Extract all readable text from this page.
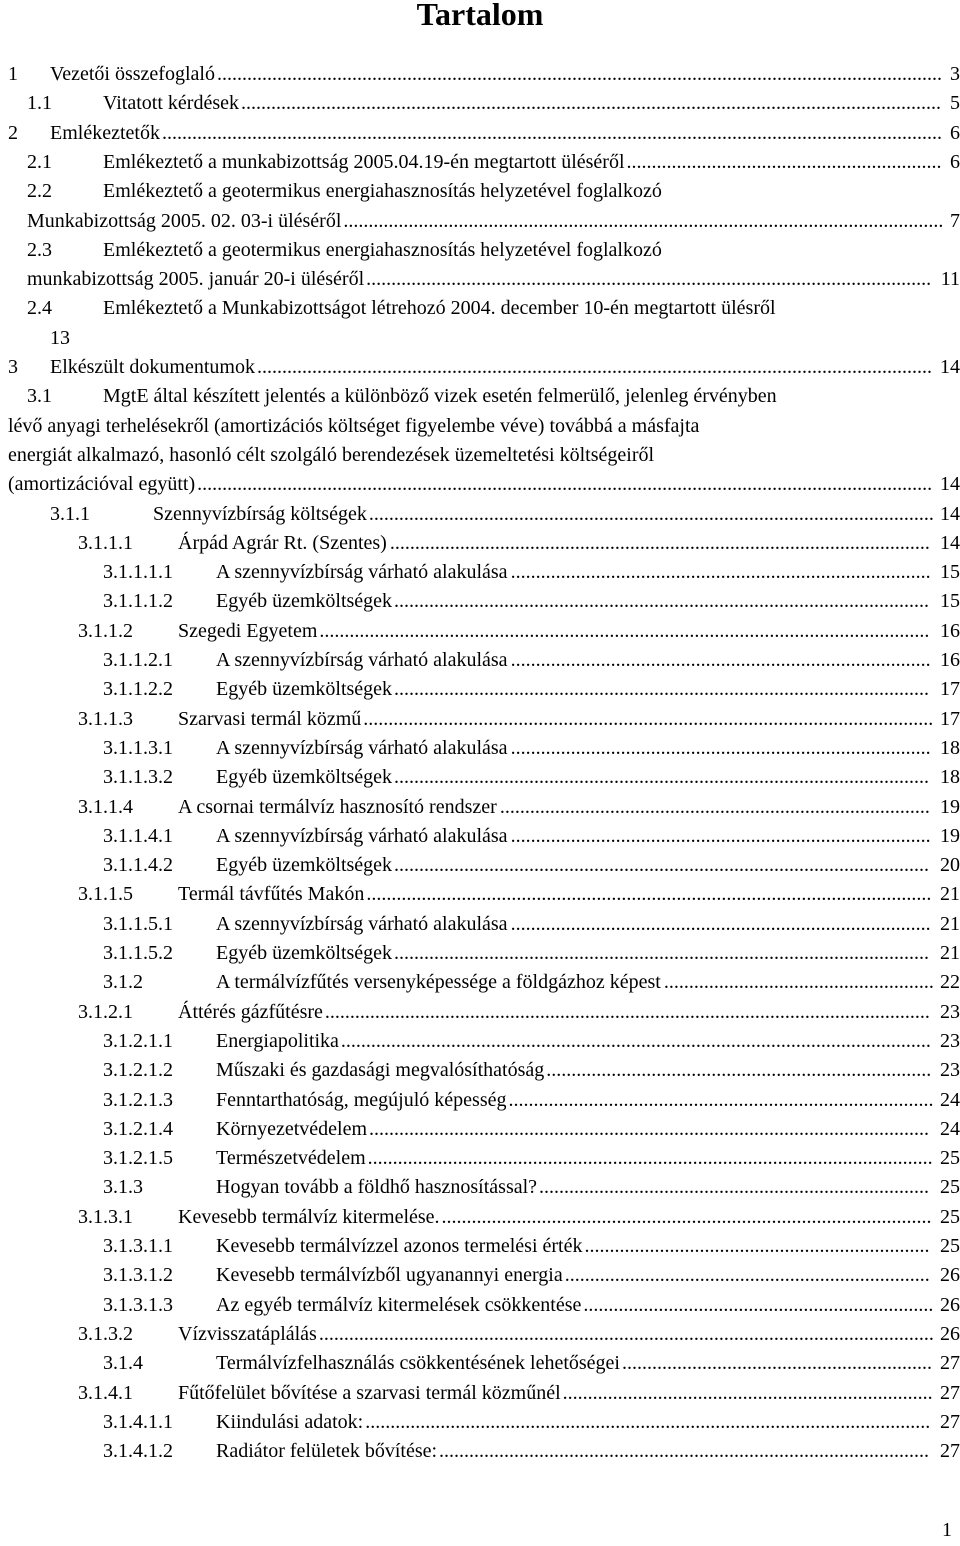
Tartalom
1 Vezetői összefoglaló ................................................................................................................................................. 3
1.1	Vitatott kérdések ............................................................................................................................................ 5
2 Emlékeztetők ............................................................................................................................................................ 6
2.1	Emlékeztető a munkabizottság 2005.04.19-én megtartott üléséről ............................................................... 6
2.2	Emlékeztető a geotermikus energiahasznosítás helyzetével foglalkozó
Munkabizottság 2005. 02. 03-i üléséről ........................................................................................................................ 7
2.3	Emlékeztető a geotermikus energiahasznosítás helyzetével foglalkozó
munkabizottság 2005. január 20-i üléséről ................................................................................................................. 11
2.4	Emlékeztető a Munkabizottságot létrehozó 2004. december 10-én megtartott ülésről
13
3 Elkészült dokumentumok ....................................................................................................................................... 14
3.1	MgtE által készített jelentés a különböző vizek esetén felmerülő, jelenleg érvényben
lévő anyagi terhelésekről (amortizációs költséget figyelembe véve) továbbá a másfajta
energiát alkalmazó, hasonló célt szolgáló berendezések üzemeltetési költségeiről
(amortizációval együtt) ................................................................................................................................................... 14
3.1.1	Szennyvízbírság költségek ................................................................................................................. 14
3.1.1.1 Árpád Agrár Rt. (Szentes) ............................................................................................................ 14
3.1.1.1.1 A szennyvízbírság várható alakulása .................................................................................... 15
3.1.1.1.2 Egyéb üzemköltségek ........................................................................................................... 15
3.1.1.2 Szegedi Egyetem .......................................................................................................................... 16
3.1.1.2.1 A szennyvízbírság várható alakulása .................................................................................... 16
3.1.1.2.2 Egyéb üzemköltségek ........................................................................................................... 17
3.1.1.3 Szarvasi termál közmű .................................................................................................................. 17
3.1.1.3.1 A szennyvízbírság várható alakulása .................................................................................... 18
3.1.1.3.2 Egyéb üzemköltségek ........................................................................................................... 18
3.1.1.4 A csornai termálvíz hasznosító rendszer ...................................................................................... 19
3.1.1.4.1 A szennyvízbírság várható alakulása .................................................................................... 19
3.1.1.4.2 Egyéb üzemköltségek ........................................................................................................... 20
3.1.1.5 Termál távfűtés Makón ................................................................................................................. 21
3.1.1.5.1 A szennyvízbírság várható alakulása .................................................................................... 21
3.1.1.5.2 Egyéb üzemköltségek ........................................................................................................... 21
3.1.2	A termálvízfűtés versenyképessége a földgázhoz képest ...................................................... 22
3.1.2.1 Áttérés gázfűtésre ......................................................................................................................... 23
3.1.2.1.1 Energiapolitika ...................................................................................................................... 23
3.1.2.1.2 Műszaki és gazdasági megvalósíthatóság ............................................................................. 23
3.1.2.1.3 Fenntarthatóság, megújuló képesség ..................................................................................... 24
3.1.2.1.4 Környezetvédelem ................................................................................................................ 24
3.1.2.1.5 Természetvédelem ................................................................................................................. 25
3.1.3	Hogyan tovább a földhő hasznosítással? .............................................................................. 25
3.1.3.1 Kevesebb termálvíz kitermelése. .................................................................................................. 25
3.1.3.1.1 Kevesebb termálvízzel azonos termelési érték ..................................................................... 25
3.1.3.1.2 Kevesebb termálvízből ugyanannyi energia ......................................................................... 26
3.1.3.1.3 Az egyéb termálvíz kitermelések csökkentése ...................................................................... 26
3.1.3.2 Vízvisszatáplálás ........................................................................................................................... 26
3.1.4	Termálvízfelhasználás csökkentésének lehetőségei .............................................................. 27
3.1.4.1 Fűtőfelület bővítése a szarvasi termál közműnél .......................................................................... 27
3.1.4.1.1 Kiindulási adatok: ................................................................................................................. 27
3.1.4.1.2 Radiátor felületek bővítése: .................................................................................................. 27
1
